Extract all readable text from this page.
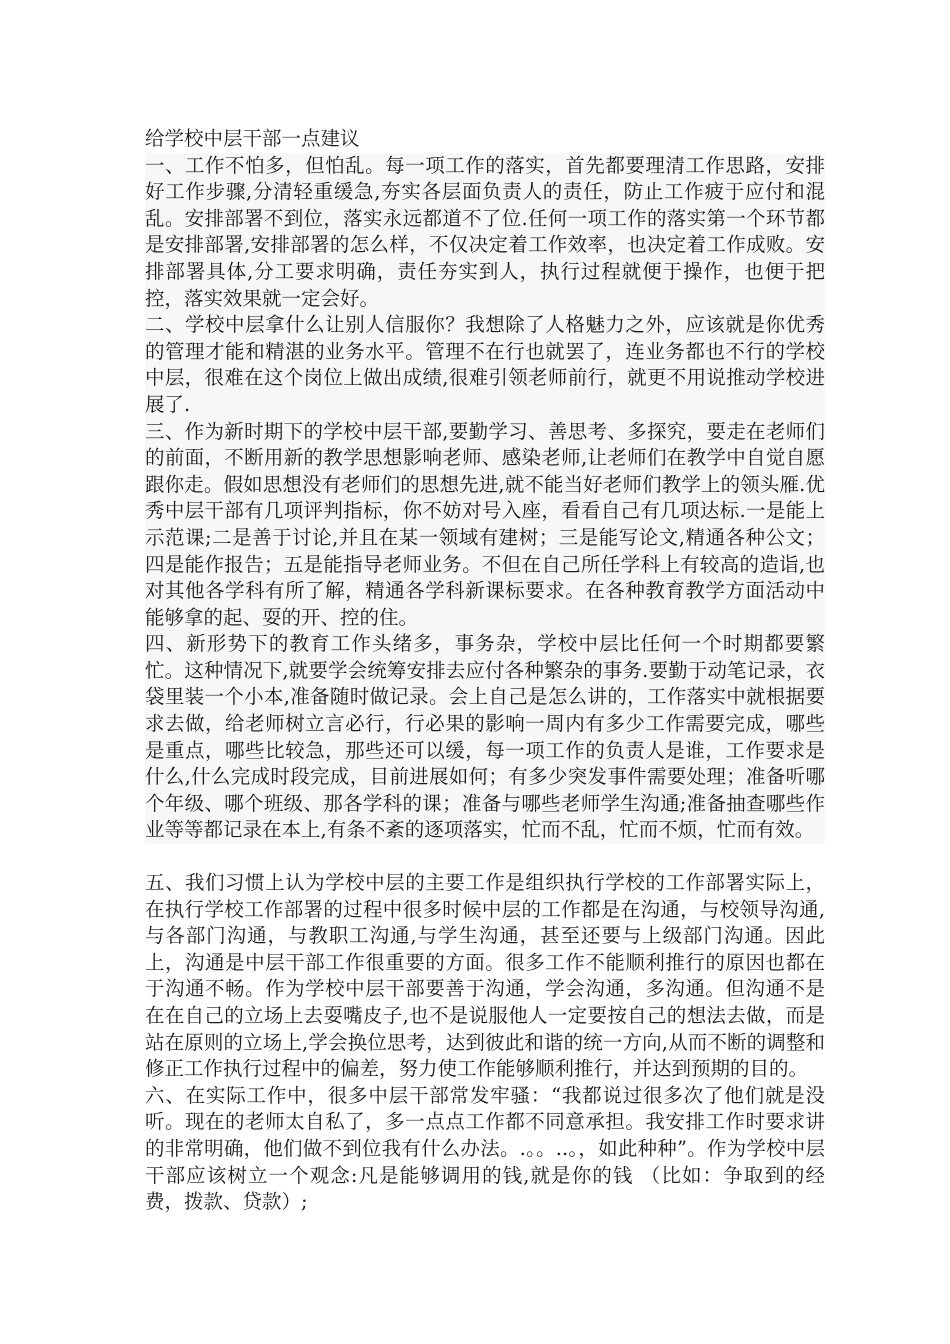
给学校中层干部一点建议

一、工作不怕多，但怕乱。每一项工作的落实，首先都要理清工作思路，安排好工作步骤,分清轻重缓急,夯实各层面负责人的责任，防止工作疲于应付和混乱。安排部署不到位，落实永远都道不了位.任何一项工作的落实第一个环节都是安排部署,安排部署的怎么样，不仅决定着工作效率，也决定着工作成败。安排部署具体,分工要求明确，责任夯实到人，执行过程就便于操作，也便于把控，落实效果就一定会好。

二、学校中层拿什么让别人信服你？我想除了人格魅力之外，应该就是你优秀的管理才能和精湛的业务水平。管理不在行也就罢了，连业务都也不行的学校中层，很难在这个岗位上做出成绩,很难引领老师前行，就更不用说推动学校进展了.

三、作为新时期下的学校中层干部,要勤学习、善思考、多探究，要走在老师们的前面，不断用新的教学思想影响老师、感染老师,让老师们在教学中自觉自愿跟你走。假如思想没有老师们的思想先进,就不能当好老师们教学上的领头雁.优秀中层干部有几项评判指标，你不妨对号入座，看看自己有几项达标.一是能上示范课;二是善于讨论,并且在某一领域有建树；三是能写论文,精通各种公文；四是能作报告；五是能指导老师业务。不但在自己所任学科上有较高的造诣,也对其他各学科有所了解，精通各学科新课标要求。在各种教育教学方面活动中能够拿的起、耍的开、控的住。

四、新形势下的教育工作头绪多，事务杂，学校中层比任何一个时期都要繁忙。这种情况下,就要学会统筹安排去应付各种繁杂的事务.要勤于动笔记录，衣袋里装一个小本,准备随时做记录。会上自己是怎么讲的，工作落实中就根据要求去做，给老师树立言必行，行必果的影响一周内有多少工作需要完成，哪些是重点，哪些比较急，那些还可以缓，每一项工作的负责人是谁，工作要求是什么,什么完成时段完成，目前进展如何；有多少突发事件需要处理；准备听哪个年级、哪个班级、那各学科的课；准备与哪些老师学生沟通;准备抽查哪些作业等等都记录在本上,有条不紊的逐项落实，忙而不乱，忙而不烦，忙而有效。

五、我们习惯上认为学校中层的主要工作是组织执行学校的工作部署实际上，在执行学校工作部署的过程中很多时候中层的工作都是在沟通，与校领导沟通,与各部门沟通，与教职工沟通,与学生沟通，甚至还要与上级部门沟通。因此上，沟通是中层干部工作很重要的方面。很多工作不能顺利推行的原因也都在于沟通不畅。作为学校中层干部要善于沟通，学会沟通，多沟通。但沟通不是在在自己的立场上去耍嘴皮子,也不是说服他人一定要按自己的想法去做，而是站在原则的立场上,学会换位思考，达到彼此和谐的统一方向,从而不断的调整和修正工作执行过程中的偏差，努力使工作能够顺利推行，并达到预期的目的。

六、在实际工作中，很多中层干部常发牢骚：“我都说过很多次了他们就是没听。现在的老师太自私了，多一点点工作都不同意承担。我安排工作时要求讲的非常明确，他们做不到位我有什么办法。.。。..。，如此种种”。作为学校中层干部应该树立一个观念:凡是能够调用的钱,就是你的钱 （比如：争取到的经费，拨款、贷款）;
